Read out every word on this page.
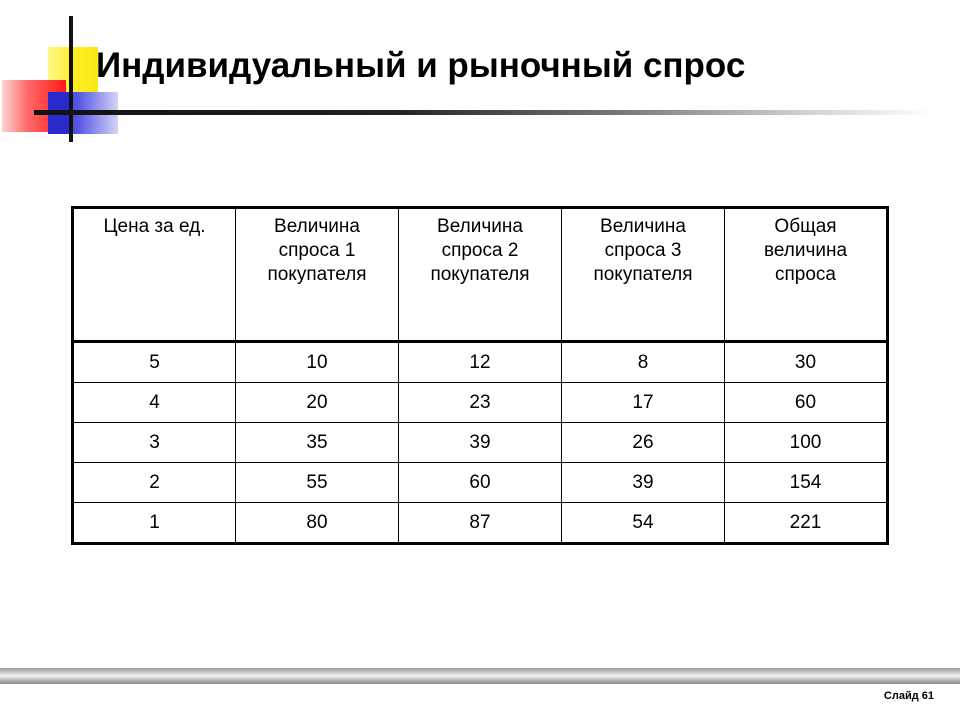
Индивидуальный и рыночный спрос
Цена за ед.	Величина спроса 1 покупателя	Величина спроса 2 покупателя	Величина спроса 3 покупателя	Общая величина спроса
5	10	12	8	30
4	20	23	17	60
3	35	39	26	100
2	55	60	39	154
1	80	87	54	221
Слайд 61
